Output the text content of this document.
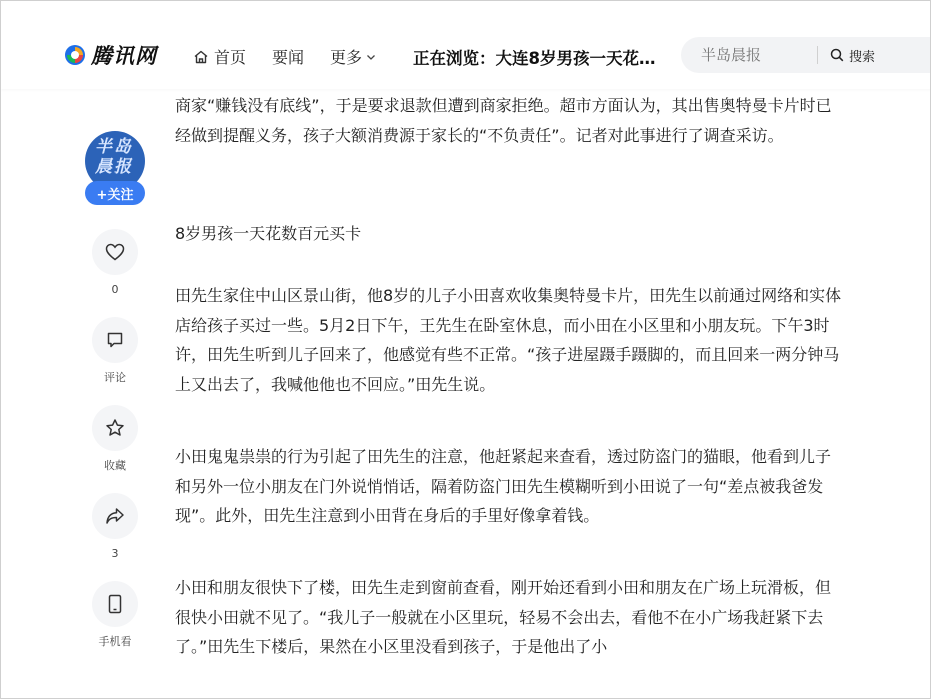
腾讯网	首页 要闻 更多	正在浏览：大连8岁男孩一天花…
半岛晨报	搜索
半岛晨报
+关注
0
评论
收藏
3
手机看

商家“赚钱没有底线”，于是要求退款但遭到商家拒绝。超市方面认为，其出售奥特曼卡片时已经做到提醒义务，孩子大额消费源于家长的“不负责任”。记者对此事进行了调查采访。

8岁男孩一天花数百元买卡

田先生家住中山区景山街，他8岁的儿子小田喜欢收集奥特曼卡片，田先生以前通过网络和实体店给孩子买过一些。5月2日下午，王先生在卧室休息，而小田在小区里和小朋友玩。下午3时许，田先生听到儿子回来了，他感觉有些不正常。“孩子进屋蹑手蹑脚的，而且回来一两分钟马上又出去了，我喊他他也不回应。”田先生说。

小田鬼鬼祟祟的行为引起了田先生的注意，他赶紧起来查看，透过防盗门的猫眼，他看到儿子和另外一位小朋友在门外说悄悄话，隔着防盗门田先生模糊听到小田说了一句“差点被我爸发现”。此外，田先生注意到小田背在身后的手里好像拿着钱。

小田和朋友很快下了楼，田先生走到窗前查看，刚开始还看到小田和朋友在广场上玩滑板，但很快小田就不见了。“我儿子一般就在小区里玩，轻易不会出去，看他不在小广场我赶紧下去了。”田先生下楼后，果然在小区里没看到孩子，于是他出了小
